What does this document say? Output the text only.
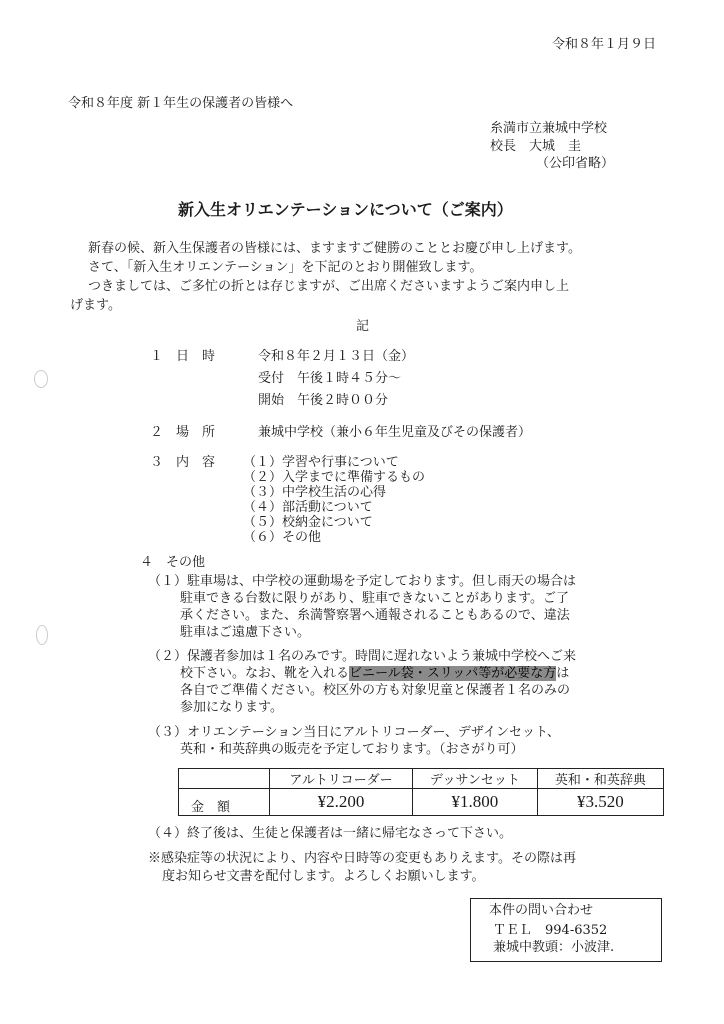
令和８年１月９日
令和８年度 新１年生の保護者の皆様へ
糸満市立兼城中学校
校長　大城　圭
（公印省略）
新入生オリエンテーションについて（ご案内）
新春の候、新入生保護者の皆様には、ますますご健勝のこととお慶び申し上げます。
さて、「新入生オリエンテーション」を下記のとおり開催致します。
つきましては、ご多忙の折とは存じますが、ご出席くださいますようご案内申し上
げます。
記
１　日　時	令和８年２月１３日（金）
受付　午後１時４５分～
開始　午後２時００分
２　場　所	兼城中学校（兼小６年生児童及びその保護者）
３　内　容 （１）学習や行事について
（２）入学までに準備するもの
（３）中学校生活の心得
（４）部活動について
（５）校納金について
（６）その他
４　その他
（１）駐車場は、中学校の運動場を予定しております。但し雨天の場合は
駐車できる台数に限りがあり、駐車できないことがあります。ご了
承ください。また、糸満警察署へ通報されることもあるので、違法
駐車はご遠慮下さい。
（２）保護者参加は１名のみです。時間に遅れないよう兼城中学校へご来
校下さい。なお、靴を入れるビニール袋・スリッパ等が必要な方は
各自でご準備ください。校区外の方も対象児童と保護者１名のみの
参加になります。
（３）オリエンテーション当日にアルトリコーダー、デザインセット、
英和・和英辞典の販売を予定しております。（おさがり可）
	アルトリコーダー	デッサンセット	英和・和英辞典
金　額	¥2.200	¥1.800	¥3.520
（４）終了後は、生徒と保護者は一緒に帰宅なさって下さい。
※感染症等の状況により、内容や日時等の変更もありえます。その際は再
度お知らせ文書を配付します。よろしくお願いします。
本件の問い合わせ
ＴＥＬ　994-6352
兼城中教頭：小波津.
